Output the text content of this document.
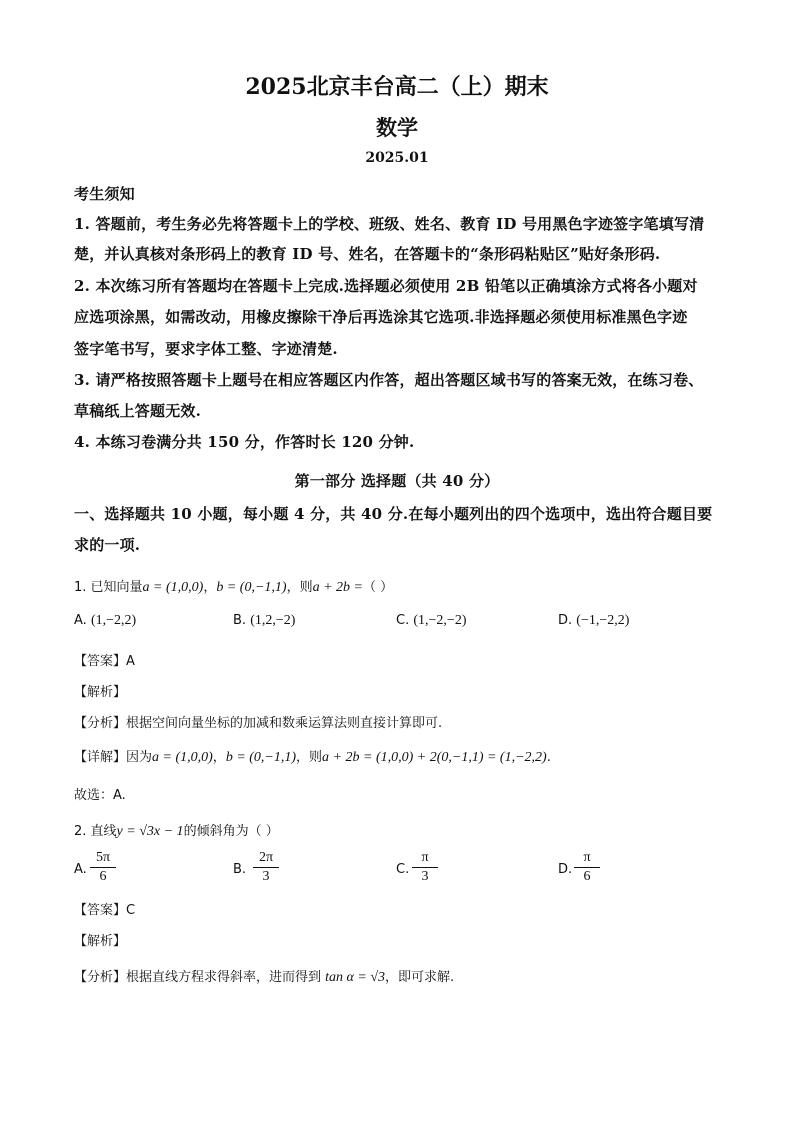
2025北京丰台高二（上）期末
数学
2025.01
考生须知
1. 答题前，考生务必先将答题卡上的学校、班级、姓名、教育 ID 号用黑色字迹签字笔填写清
楚，并认真核对条形码上的教育 ID 号、姓名，在答题卡的“条形码粘贴区”贴好条形码.
2. 本次练习所有答题均在答题卡上完成.选择题必须使用 2B 铅笔以正确填涂方式将各小题对
应选项涂黑，如需改动，用橡皮擦除干净后再选涂其它选项.非选择题必须使用标准黑色字迹
签字笔书写，要求字体工整、字迹清楚.
3. 请严格按照答题卡上题号在相应答题区内作答，超出答题区域书写的答案无效，在练习卷、
草稿纸上答题无效.
4. 本练习卷满分共 150 分，作答时长 120 分钟.
第一部分 选择题（共 40 分）
一、选择题共 10 小题，每小题 4 分，共 40 分.在每小题列出的四个选项中，选出符合题目要
求的一项.
1. 已知向量a = (1,0,0)，b = (0,−1,1)，则a + 2b =（ ）
A. (1,−2,2)	B. (1,2,−2)	C. (1,−2,−2)	D. (−1,−2,2)
【答案】A
【解析】
【分析】根据空间向量坐标的加减和数乘运算法则直接计算即可.
【详解】因为a = (1,0,0)，b = (0,−1,1)，则a + 2b = (1,0,0) + 2(0,−1,1) = (1,−2,2).
故选：A.
2. 直线y = √3x − 1的倾斜角为（ ）
A.
5π
6	B.
2π
3	C.
π
3	D.
π
6
【答案】C
【解析】
【分析】根据直线方程求得斜率，进而得到 tan α = √3，即可求解.
